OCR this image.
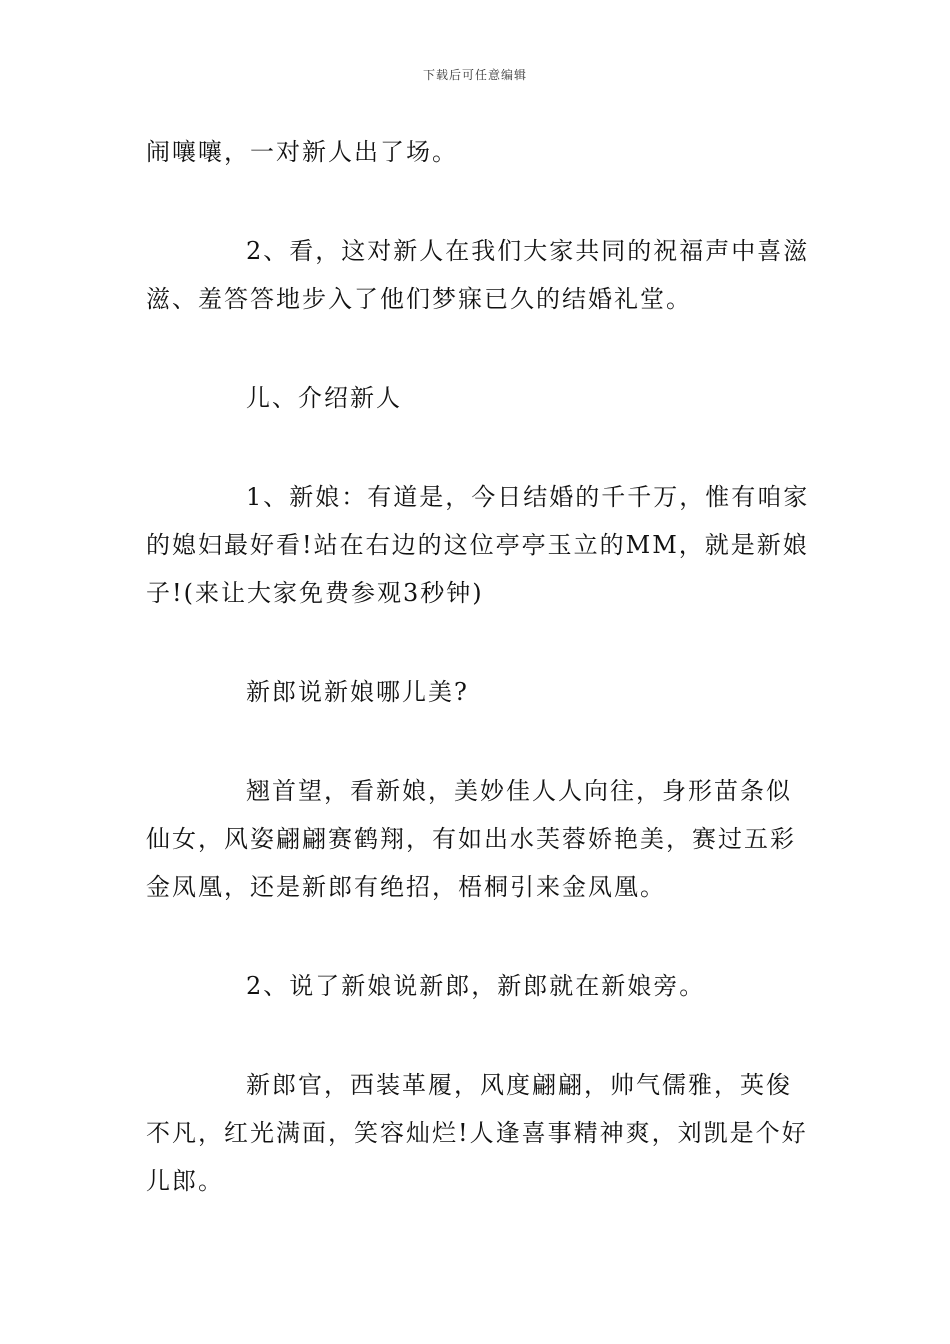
下载后可任意编辑

闹嚷嚷，一对新人出了场。

2、看，这对新人在我们大家共同的祝福声中喜滋滋、羞答答地步入了他们梦寐已久的结婚礼堂。

儿、介绍新人

1、新娘：有道是，今日结婚的千千万，惟有咱家的媳妇最好看!站在右边的这位亭亭玉立的MM，就是新娘子!(来让大家免费参观3秒钟)

新郎说新娘哪儿美?

翘首望，看新娘，美妙佳人人向往，身形苗条似仙女，风姿翩翩赛鹤翔，有如出水芙蓉娇艳美，赛过五彩金凤凰，还是新郎有绝招，梧桐引来金凤凰。

2、说了新娘说新郎，新郎就在新娘旁。

新郎官，西装革履，风度翩翩，帅气儒雅，英俊不凡，红光满面，笑容灿烂!人逢喜事精神爽，刘凯是个好儿郎。
